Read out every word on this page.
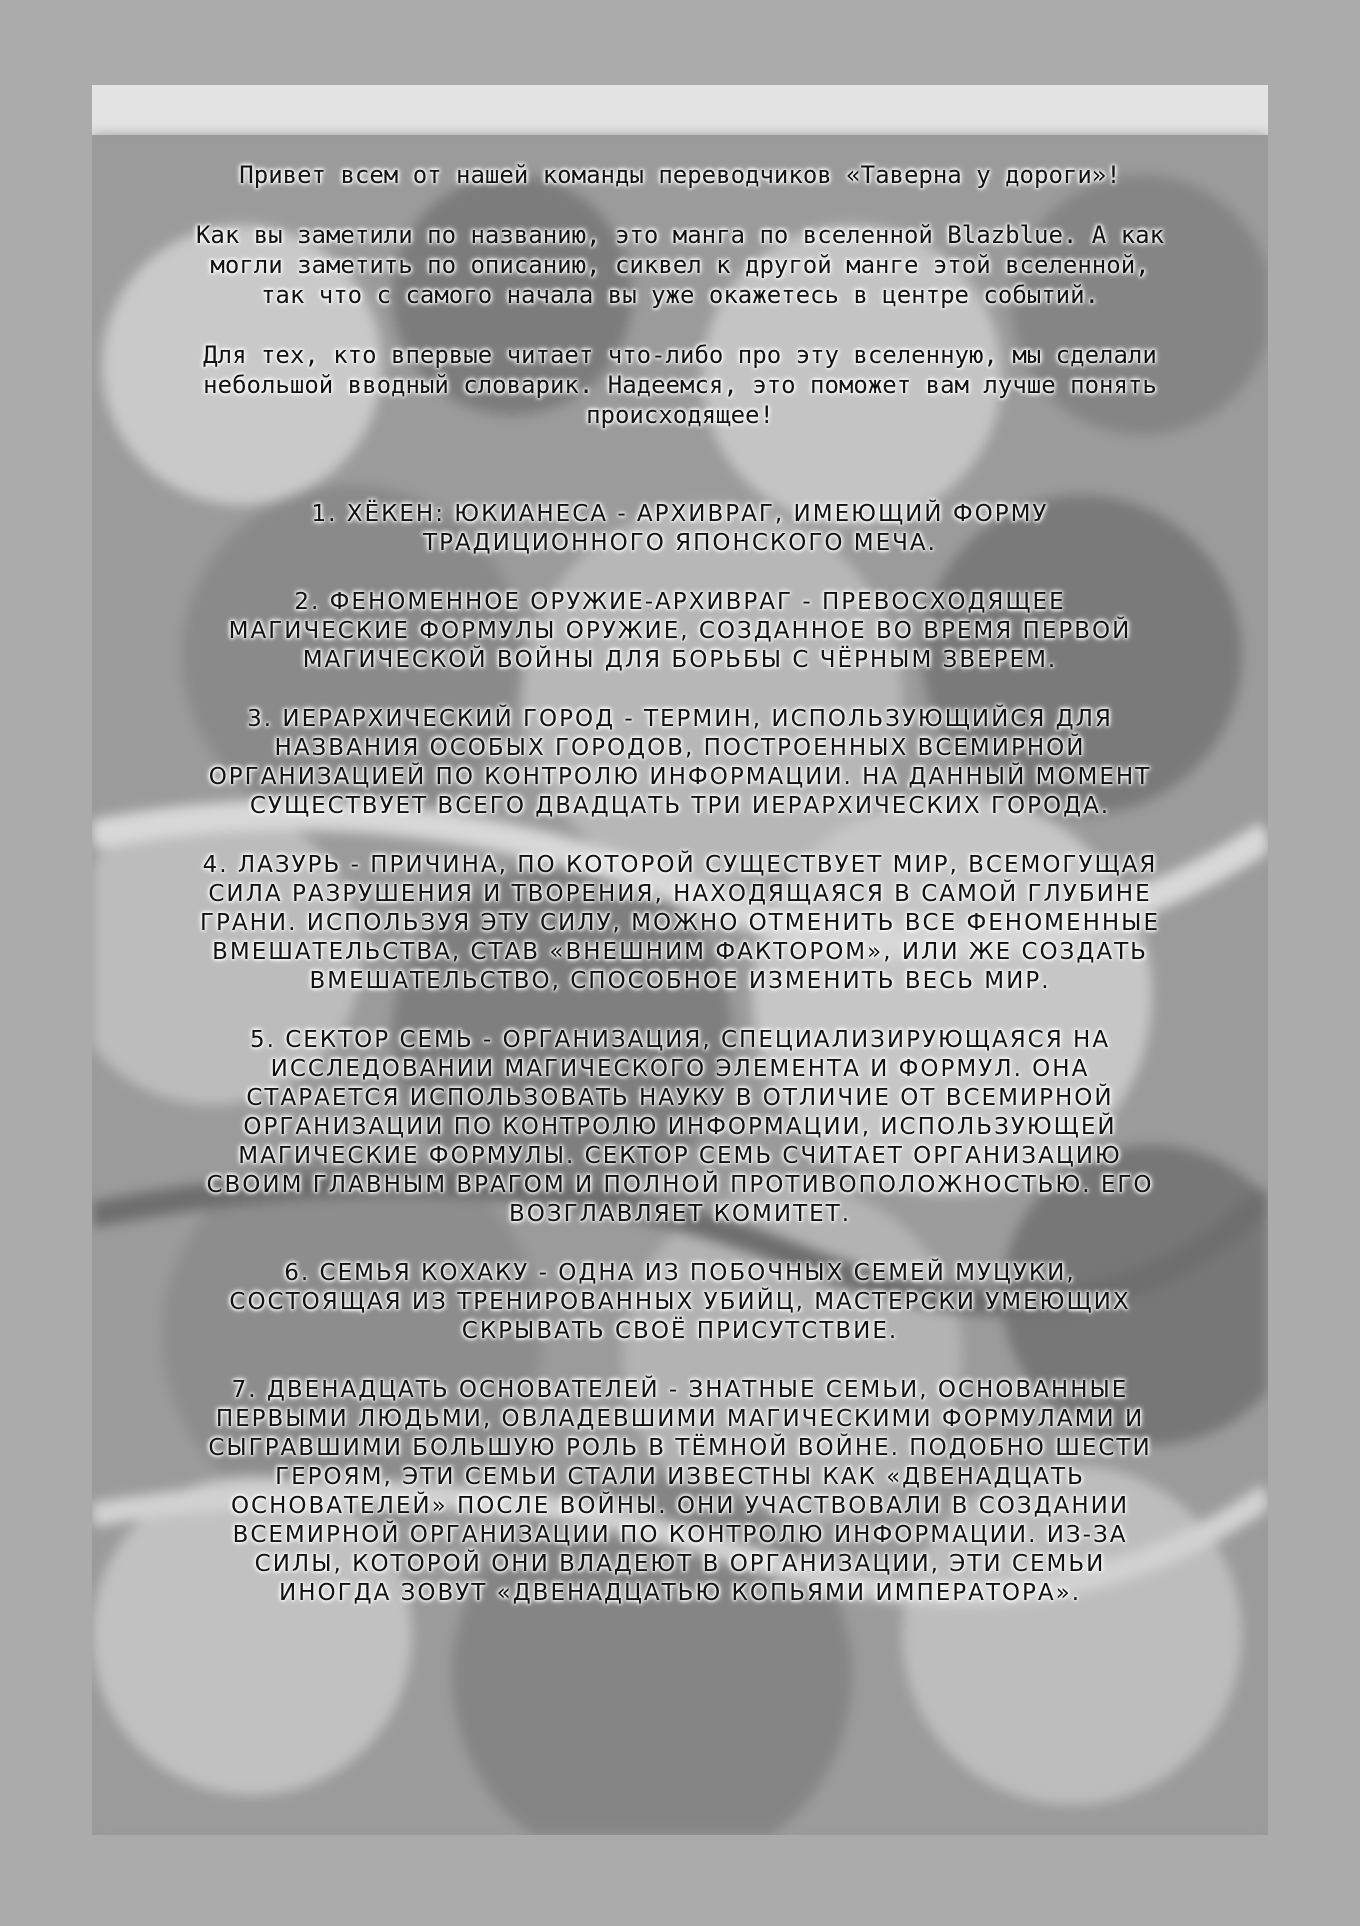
Привет всем от нашей команды переводчиков «Таверна у дороги»!

Как вы заметили по названию, это манга по вселенной Blazblue. А как могли заметить по описанию, сиквел к другой манге этой вселенной, так что с самого начала вы уже окажетесь в центре событий.

Для тех, кто впервые читает что-либо про эту вселенную, мы сделали небольшой вводный словарик. Надеемся, это поможет вам лучше понять происходящее!

1. ХЁКЕН: ЮКИАНЕСА - АРХИВРАГ, ИМЕЮЩИЙ ФОРМУ ТРАДИЦИОННОГО ЯПОНСКОГО МЕЧА.

2. ФЕНОМЕННОЕ ОРУЖИЕ-АРХИВРАГ - ПРЕВОСХОДЯЩЕЕ МАГИЧЕСКИЕ ФОРМУЛЫ ОРУЖИЕ, СОЗДАННОЕ ВО ВРЕМЯ ПЕРВОЙ МАГИЧЕСКОЙ ВОЙНЫ ДЛЯ БОРЬБЫ С ЧЁРНЫМ ЗВЕРЕМ.

3. ИЕРАРХИЧЕСКИЙ ГОРОД - ТЕРМИН, ИСПОЛЬЗУЮЩИЙСЯ ДЛЯ НАЗВАНИЯ ОСОБЫХ ГОРОДОВ, ПОСТРОЕННЫХ ВСЕМИРНОЙ ОРГАНИЗАЦИЕЙ ПО КОНТРОЛЮ ИНФОРМАЦИИ. НА ДАННЫЙ МОМЕНТ СУЩЕСТВУЕТ ВСЕГО ДВАДЦАТЬ ТРИ ИЕРАРХИЧЕСКИХ ГОРОДА.

4. ЛАЗУРЬ - ПРИЧИНА, ПО КОТОРОЙ СУЩЕСТВУЕТ МИР, ВСЕМОГУЩАЯ СИЛА РАЗРУШЕНИЯ И ТВОРЕНИЯ, НАХОДЯЩАЯСЯ В САМОЙ ГЛУБИНЕ ГРАНИ. ИСПОЛЬЗУЯ ЭТУ СИЛУ, МОЖНО ОТМЕНИТЬ ВСЕ ФЕНОМЕННЫЕ ВМЕШАТЕЛЬСТВА, СТАВ «ВНЕШНИМ ФАКТОРОМ», ИЛИ ЖЕ СОЗДАТЬ ВМЕШАТЕЛЬСТВО, СПОСОБНОЕ ИЗМЕНИТЬ ВЕСЬ МИР.

5. СЕКТОР СЕМЬ - ОРГАНИЗАЦИЯ, СПЕЦИАЛИЗИРУЮЩАЯСЯ НА ИССЛЕДОВАНИИ МАГИЧЕСКОГО ЭЛЕМЕНТА И ФОРМУЛ. ОНА СТАРАЕТСЯ ИСПОЛЬЗОВАТЬ НАУКУ В ОТЛИЧИЕ ОТ ВСЕМИРНОЙ ОРГАНИЗАЦИИ ПО КОНТРОЛЮ ИНФОРМАЦИИ, ИСПОЛЬЗУЮЩЕЙ МАГИЧЕСКИЕ ФОРМУЛЫ. СЕКТОР СЕМЬ СЧИТАЕТ ОРГАНИЗАЦИЮ СВОИМ ГЛАВНЫМ ВРАГОМ И ПОЛНОЙ ПРОТИВОПОЛОЖНОСТЬЮ. ЕГО ВОЗГЛАВЛЯЕТ КОМИТЕТ.

6. СЕМЬЯ КОХАКУ - ОДНА ИЗ ПОБОЧНЫХ СЕМЕЙ МУЦУКИ, СОСТОЯЩАЯ ИЗ ТРЕНИРОВАННЫХ УБИЙЦ, МАСТЕРСКИ УМЕЮЩИХ СКРЫВАТЬ СВОЁ ПРИСУТСТВИЕ.

7. ДВЕНАДЦАТЬ ОСНОВАТЕЛЕЙ - ЗНАТНЫЕ СЕМЬИ, ОСНОВАННЫЕ ПЕРВЫМИ ЛЮДЬМИ, ОВЛАДЕВШИМИ МАГИЧЕСКИМИ ФОРМУЛАМИ И СЫГРАВШИМИ БОЛЬШУЮ РОЛЬ В ТЁМНОЙ ВОЙНЕ. ПОДОБНО ШЕСТИ ГЕРОЯМ, ЭТИ СЕМЬИ СТАЛИ ИЗВЕСТНЫ КАК «ДВЕНАДЦАТЬ ОСНОВАТЕЛЕЙ» ПОСЛЕ ВОЙНЫ. ОНИ УЧАСТВОВАЛИ В СОЗДАНИИ ВСЕМИРНОЙ ОРГАНИЗАЦИИ ПО КОНТРОЛЮ ИНФОРМАЦИИ. ИЗ-ЗА СИЛЫ, КОТОРОЙ ОНИ ВЛАДЕЮТ В ОРГАНИЗАЦИИ, ЭТИ СЕМЬИ ИНОГДА ЗОВУТ «ДВЕНАДЦАТЬЮ КОПЬЯМИ ИМПЕРАТОРА».
